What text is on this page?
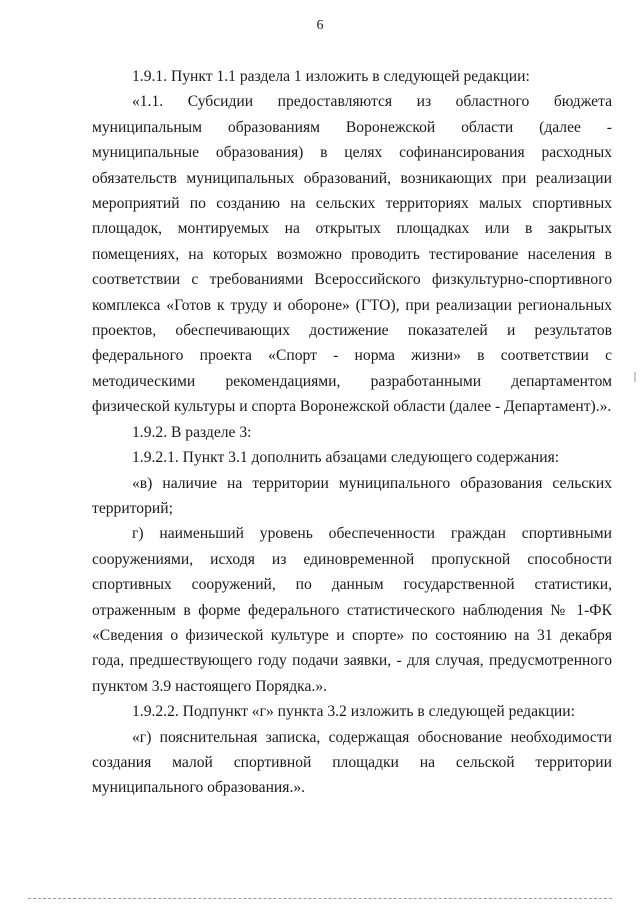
6

1.9.1. Пункт 1.1 раздела 1 изложить в следующей редакции:

«1.1. Субсидии предоставляются из областного бюджета муниципальным образованиям Воронежской области (далее - муниципальные образования) в целях софинансирования расходных обязательств муниципальных образований, возникающих при реализации мероприятий по созданию на сельских территориях малых спортивных площадок, монтируемых на открытых площадках или в закрытых помещениях, на которых возможно проводить тестирование населения в соответствии с требованиями Всероссийского физкультурно-спортивного комплекса «Готов к труду и обороне» (ГТО), при реализации региональных проектов, обеспечивающих достижение показателей и результатов федерального проекта «Спорт - норма жизни» в соответствии с методическими рекомендациями, разработанными департаментом физической культуры и спорта Воронежской области (далее - Департамент).».

1.9.2. В разделе 3:

1.9.2.1. Пункт 3.1 дополнить абзацами следующего содержания:

«в) наличие на территории муниципального образования сельских территорий;

г) наименьший уровень обеспеченности граждан спортивными сооружениями, исходя из единовременной пропускной способности спортивных сооружений, по данным государственной статистики, отраженным в форме федерального статистического наблюдения № 1-ФК «Сведения о физической культуре и спорте» по состоянию на 31 декабря года, предшествующего году подачи заявки, - для случая, предусмотренного пунктом 3.9 настоящего Порядка.».

1.9.2.2. Подпункт «г» пункта 3.2 изложить в следующей редакции:

«г) пояснительная записка, содержащая обоснование необходимости создания малой спортивной площадки на сельской территории муниципального образования.».
